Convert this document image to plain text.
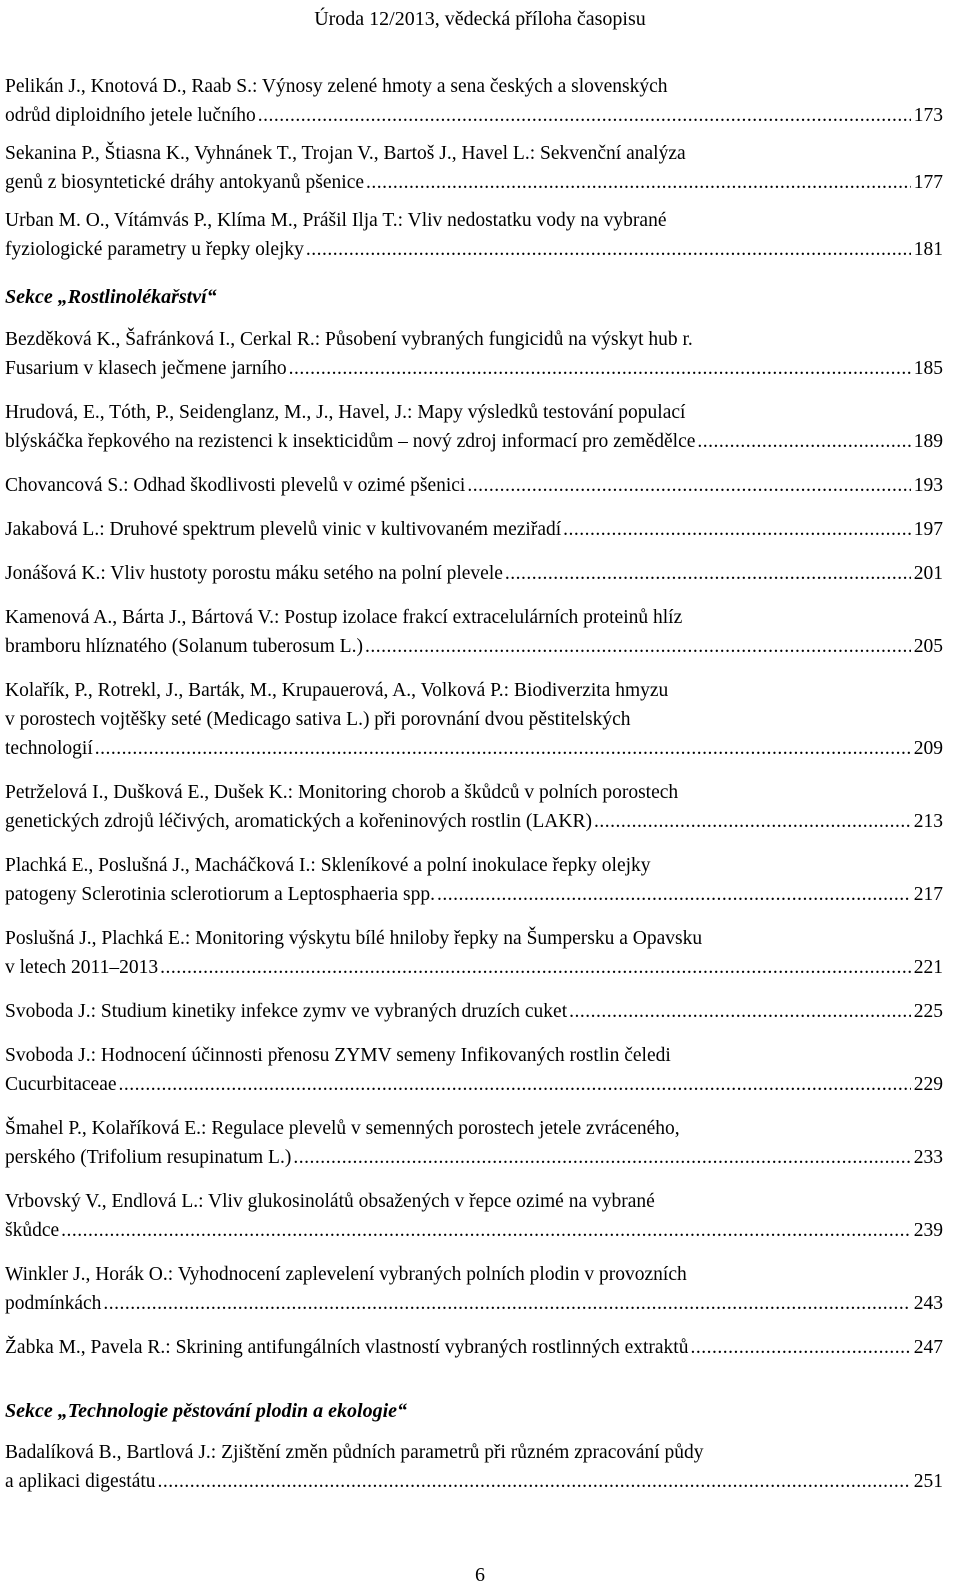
Úroda 12/2013, vědecká příloha časopisu
Pelikán J., Knotová D., Raab S.: Výnosy zelené hmoty a sena českých a slovenských
odrůd diploidního jetele lučního .....	173
Sekanina P., Štiasna K., Vyhnánek T., Trojan V., Bartoš J., Havel L.: Sekvenční analýza
genů z biosyntetické dráhy antokyanů pšenice .....	177
Urban M. O., Vítámvás P., Klíma M., Prášil Ilja T.: Vliv nedostatku vody na vybrané
fyziologické parametry u řepky olejky .....	181
Sekce „Rostlinolékařství“
Bezděková K., Šafránková I., Cerkal R.: Působení vybraných fungicidů na výskyt hub r.
Fusarium v klasech ječmene jarního .....	185
Hrudová, E., Tóth, P., Seidenglanz, M., J., Havel, J.: Mapy výsledků testování populací
blýskáčka řepkového na rezistenci k insekticidům – nový zdroj informací pro zemědělce .....	189
Chovancová S.: Odhad škodlivosti plevelů v ozimé pšenici .....	193
Jakabová L.: Druhové spektrum plevelů vinic v kultivovaném meziřadí .....	197
Jonášová K.: Vliv hustoty porostu máku setého na polní plevele .....	201
Kamenová A., Bárta J., Bártová V.: Postup izolace frakcí extracelulárních proteinů hlíz
bramboru hlíznatého (Solanum tuberosum L.) .....	205
Kolařík, P., Rotrekl, J., Barták, M., Krupauerová, A., Volková P.: Biodiverzita hmyzu
v porostech vojtěšky seté (Medicago sativa L.) při porovnání dvou pěstitelských
technologií .....	209
Petrželová I., Dušková E., Dušek K.: Monitoring chorob a škůdců v polních porostech
genetických zdrojů léčivých, aromatických a kořeninových rostlin (LAKR) .....	213
Plachká E., Poslušná J., Macháčková I.: Skleníkové a polní inokulace řepky olejky
patogeny Sclerotinia sclerotiorum a Leptosphaeria spp. .....	217
Poslušná J., Plachká E.: Monitoring výskytu bílé hniloby řepky na Šumpersku a Opavsku
v letech 2011–2013 .....	221
Svoboda J.: Studium kinetiky infekce zymv ve vybraných druzích cuket .....	225
Svoboda J.: Hodnocení účinnosti přenosu ZYMV semeny Infikovaných rostlin čeledi
Cucurbitaceae .....	229
Šmahel P., Kolaříková E.: Regulace plevelů v semenných porostech jetele zvráceného,
perského (Trifolium resupinatum L.) .....	233
Vrbovský V., Endlová L.: Vliv glukosinolátů obsažených v řepce ozimé na vybrané
škůdce .....	239
Winkler J., Horák O.: Vyhodnocení zaplevelení vybraných polních plodin v provozních
podmínkách .....	243
Žabka M., Pavela R.: Skrining antifungálních vlastností vybraných rostlinných extraktů .....	247
Sekce „Technologie pěstování plodin a ekologie“
Badalíková B., Bartlová J.: Zjištění změn půdních parametrů při různém zpracování půdy
a aplikaci digestátu .....	251
6
